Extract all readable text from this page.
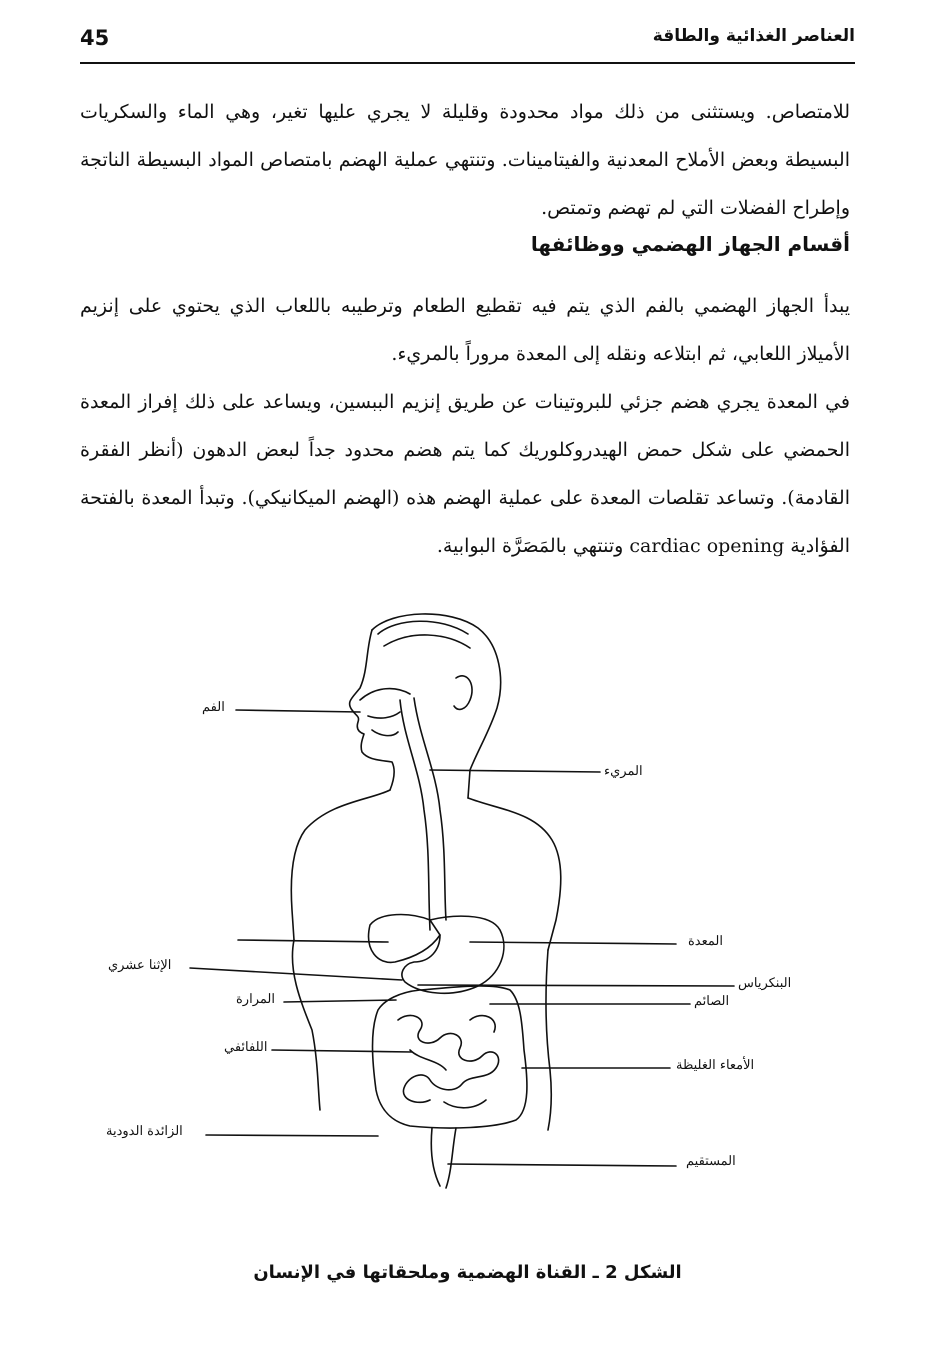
45	العناصر الغذائية والطاقة

للامتصاص. ويستثنى من ذلك مواد محدودة وقليلة لا يجري عليها تغير، وهي الماء والسكريات البسيطة وبعض الأملاح المعدنية والفيتامينات. وتنتهي عملية الهضم بامتصاص المواد البسيطة الناتجة وإطراح الفضلات التي لم تهضم وتمتص.

أقسام الجهاز الهضمي ووظائفها

يبدأ الجهاز الهضمي بالفم الذي يتم فيه تقطيع الطعام وترطيبه باللعاب الذي يحتوي على إنزيم الأميلاز اللعابي، ثم ابتلاعه ونقله إلى المعدة مروراً بالمريء.

في المعدة يجري هضم جزئي للبروتينات عن طريق إنزيم الببسين، ويساعد على ذلك إفراز المعدة الحمضي على شكل حمض الهيدروكلوريك كما يتم هضم محدود جداً لبعض الدهون (أنظر الفقرة القادمة). وتساعد تقلصات المعدة على عملية الهضم هذه (الهضم الميكانيكي). وتبدأ المعدة بالفتحة الفؤادية cardiac opening وتنتهي بالمَصَرَّة البوابية.

الفم
المريء
المعدة
الإثنا عشري
البنكرياس
المرارة	الصائم
اللفائفي
الأمعاء الغليظة
الزائدة الدودية
المستقيم
الشكل 2 ـ القناة الهضمية وملحقاتها في الإنسان
